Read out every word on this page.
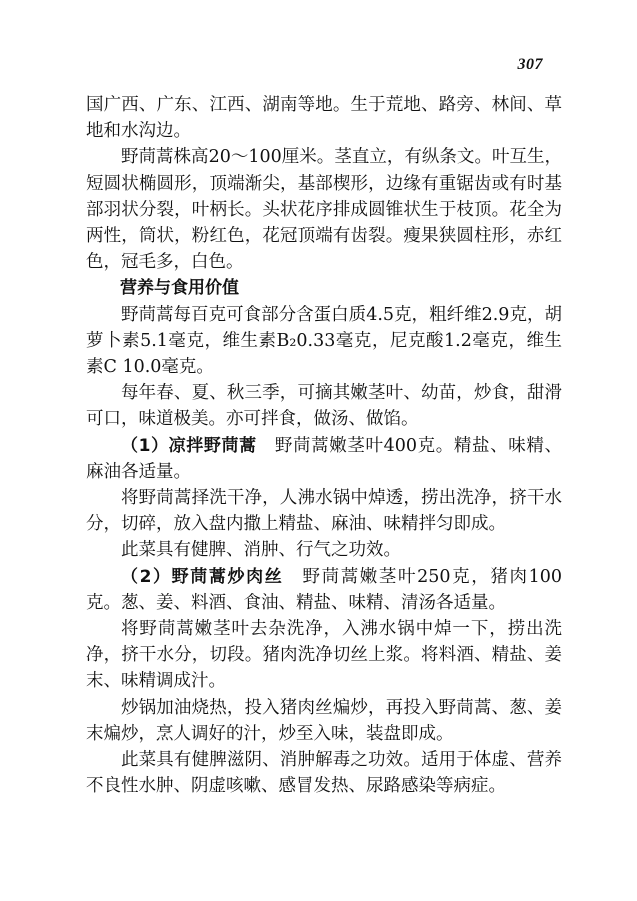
307

国广西、广东、江西、湖南等地。生于荒地、路旁、林间、草地和水沟边。

野茼蒿株高20～100厘米。茎直立，有纵条文。叶互生，短圆状椭圆形，顶端渐尖，基部楔形，边缘有重锯齿或有时基部羽状分裂，叶柄长。头状花序排成圆锥状生于枝顶。花全为两性，筒状，粉红色，花冠顶端有齿裂。瘦果狭圆柱形，赤红色，冠毛多，白色。

营养与食用价值

野茼蒿每百克可食部分含蛋白质4.5克，粗纤维2.9克，胡萝卜素5.1毫克，维生素B₂0.33毫克，尼克酸1.2毫克，维生素C 10.0毫克。

每年春、夏、秋三季，可摘其嫩茎叶、幼苗，炒食，甜滑可口，味道极美。亦可拌食，做汤、做馅。

（1）凉拌野茼蒿　 野茼蒿嫩茎叶400克。精盐、味精、麻油各适量。

将野茼蒿择洗干净，人沸水锅中焯透，捞出洗净，挤干水分，切碎，放入盘内撒上精盐、麻油、味精拌匀即成。

此菜具有健脾、消肿、行气之功效。

（2）野茼蒿炒肉丝　 野茼蒿嫩茎叶250克，猪肉100克。葱、姜、料酒、食油、精盐、味精、清汤各适量。

将野茼蒿嫩茎叶去杂洗净，入沸水锅中焯一下，捞出洗净，挤干水分，切段。猪肉洗净切丝上浆。将料酒、精盐、姜末、味精调成汁。

炒锅加油烧热，投入猪肉丝煸炒，再投入野茼蒿、葱、姜末煸炒，烹人调好的汁，炒至入味，装盘即成。

此菜具有健脾滋阴、消肿解毒之功效。适用于体虚、营养不良性水肿、阴虚咳嗽、感冒发热、尿路感染等病症。
